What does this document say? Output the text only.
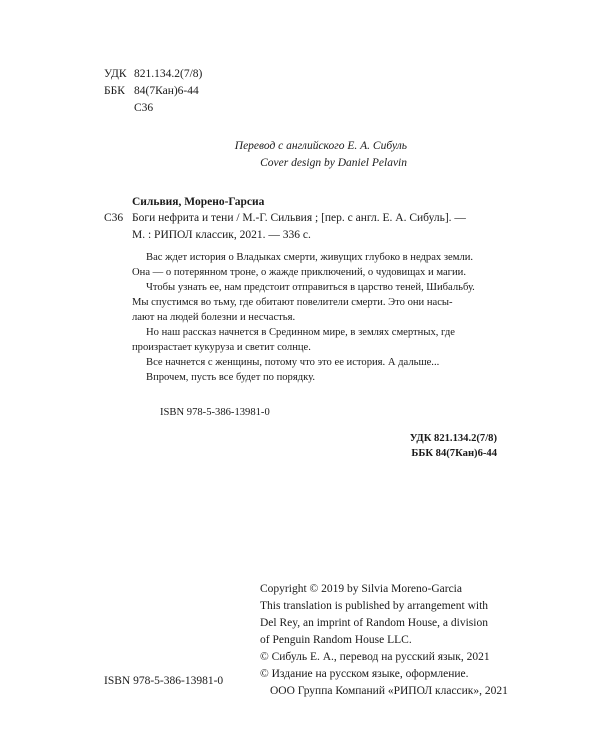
УДК 821.134.2(7/8)
ББК 84(7Кан)6-44
С36
Перевод с английского Е. А. Сибуль
Cover design by Daniel Pelavin
Сильвия, Морено-Гарсиа
С36 Боги нефрита и тени / М.-Г. Сильвия ; [пер. с англ. Е. А. Сибуль]. —
М. : РИПОЛ классик, 2021. — 336 с.
Вас ждет история о Владыках смерти, живущих глубоко в недрах земли.
Она — о потерянном троне, о жажде приключений, о чудовищах и магии.
Чтобы узнать ее, нам предстоит отправиться в царство теней, Шибальбу.
Мы спустимся во тьму, где обитают повелители смерти. Это они насы-
лают на людей болезни и несчастья.
Но наш рассказ начнется в Срединном мире, в землях смертных, где
произрастает кукуруза и светит солнце.
Все начнется с женщины, потому что это ее история. А дальше...
Впрочем, пусть все будет по порядку.
ISBN 978-5-386-13981-0
УДК 821.134.2(7/8)
ББК 84(7Кан)6-44
Copyright © 2019 by Silvia Moreno-Garcia
This translation is published by arrangement with
Del Rey, an imprint of Random House, a division
of Penguin Random House LLC.
© Сибуль Е. А., перевод на русский язык, 2021
© Издание на русском языке, оформление.
ООО Группа Компаний «РИПОЛ классик», 2021
ISBN 978-5-386-13981-0
